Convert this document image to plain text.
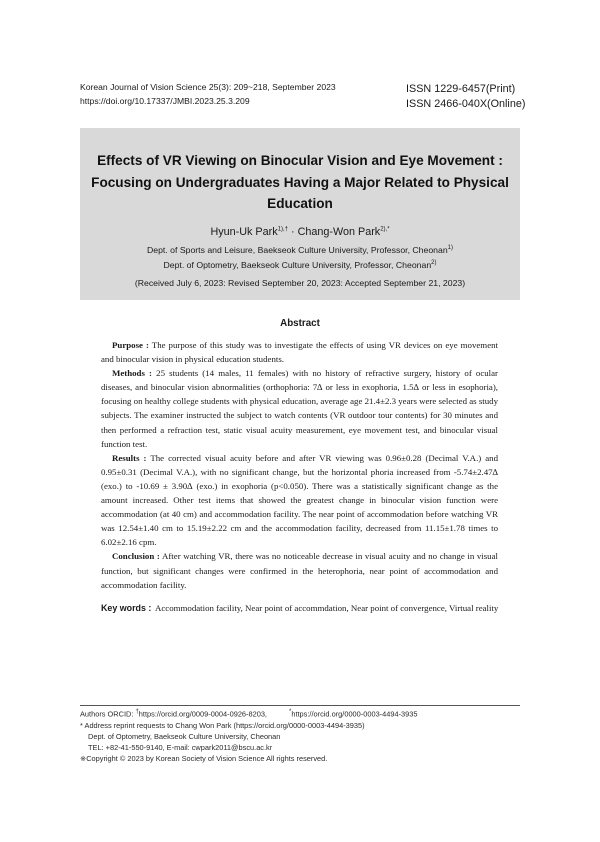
Korean Journal of Vision Science 25(3): 209~218, September 2023
https://doi.org/10.17337/JMBI.2023.25.3.209
ISSN 1229-6457(Print)
ISSN 2466-040X(Online)
Effects of VR Viewing on Binocular Vision and Eye Movement :
Focusing on Undergraduates Having a Major Related to Physical
Education
Hyun-Uk Park$^{1),\dagger}$ · Chang-Won Park$^{2),*}$
Dept. of Sports and Leisure, Baekseok Culture University, Professor, Cheonan$^{1)}$
Dept. of Optometry, Baekseok Culture University, Professor, Cheonan$^{2)}$
(Received July 6, 2023: Revised September 20, 2023: Accepted September 21, 2023)
Abstract

Purpose : The purpose of this study was to investigate the effects of using VR devices on eye movement and binocular vision in physical education students.

Methods : 25 students (14 males, 11 females) with no history of refractive surgery, history of ocular diseases, and binocular vision abnormalities (orthophoria: 7∆ or less in exophoria, 1.5∆ or less in esophoria), focusing on healthy college students with physical education, average age 21.4±2.3 years were selected as study subjects. The examiner instructed the subject to watch contents (VR outdoor tour contents) for 30 minutes and then performed a refraction test, static visual acuity measurement, eye movement test, and binocular visual function test.

Results : The corrected visual acuity before and after VR viewing was 0.96±0.28 (Decimal V.A.) and 0.95±0.31 (Decimal V.A.), with no significant change, but the horizontal phoria increased from -5.74±2.47∆ (exo.) to -10.69 ± 3.90∆ (exo.) in exophoria (p<0.050). There was a statistically significant change as the amount increased. Other test items that showed the greatest change in binocular vision function were accommodation (at 40 cm) and accommodation facility. The near point of accommodation before watching VR was 12.54±1.40 cm to 15.19±2.22 cm and the accommodation facility, decreased from 11.15±1.78 times to 6.02±2.16 cpm.

Conclusion : After watching VR, there was no noticeable decrease in visual acuity and no change in visual function, but significant changes were confirmed in the heterophoria, near point of accommodation and accommodation facility.

Key words : Accommodation facility, Near point of accommdation, Near point of convergence, Virtual reality
Authors ORCID: †https://orcid.org/0009-0004-0926-8203,	*https://orcid.org/0000-0003-4494-3935
* Address reprint requests to Chang Won Park (https://orcid.org/0000-0003-4494-3935)
Dept. of Optometry, Baekseok Culture University, Cheonan
TEL: +82-41-550-9140, E-mail: cwpark2011@bscu.ac.kr
※Copyright © 2023 by Korean Society of Vision Science All rights reserved.
